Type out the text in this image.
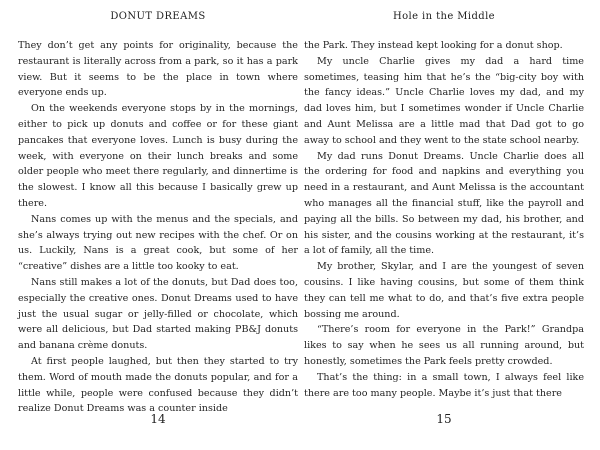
DONUT DREAMS

They don’t get any points for originality, because the restaurant is literally across from a park, so it has a park view. But it seems to be the place in town where everyone ends up.

On the weekends everyone stops by in the mornings, either to pick up donuts and coffee or for these giant pancakes that everyone loves. Lunch is busy during the week, with everyone on their lunch breaks and some older people who meet there regularly, and dinnertime is the slowest. I know all this because I basically grew up there.

Nans comes up with the menus and the specials, and she’s always trying out new recipes with the chef. Or on us. Luckily, Nans is a great cook, but some of her “creative” dishes are a little too kooky to eat.

Nans still makes a lot of the donuts, but Dad does too, especially the creative ones. Donut Dreams used to have just the usual sugar or jelly-filled or chocolate, which were all delicious, but Dad started making PB&J donuts and banana crème donuts.

At first people laughed, but then they started to try them. Word of mouth made the donuts popular, and for a little while, people were confused because they didn’t realize Donut Dreams was a counter inside

14
Hole in the Middle

the Park. They instead kept looking for a donut shop.

My uncle Charlie gives my dad a hard time sometimes, teasing him that he’s the “big-city boy with the fancy ideas.” Uncle Charlie loves my dad, and my dad loves him, but I sometimes wonder if Uncle Charlie and Aunt Melissa are a little mad that Dad got to go away to school and they went to the state school nearby.

My dad runs Donut Dreams. Uncle Charlie does all the ordering for food and napkins and everything you need in a restaurant, and Aunt Melissa is the accountant who manages all the financial stuff, like the payroll and paying all the bills. So between my dad, his brother, and his sister, and the cousins working at the restaurant, it’s a lot of family, all the time.

My brother, Skylar, and I are the youngest of seven cousins. I like having cousins, but some of them think they can tell me what to do, and that’s five extra people bossing me around.

“There’s room for everyone in the Park!” Grandpa likes to say when he sees us all running around, but honestly, sometimes the Park feels pretty crowded.

That’s the thing: in a small town, I always feel like there are too many people. Maybe it’s just that there

15
